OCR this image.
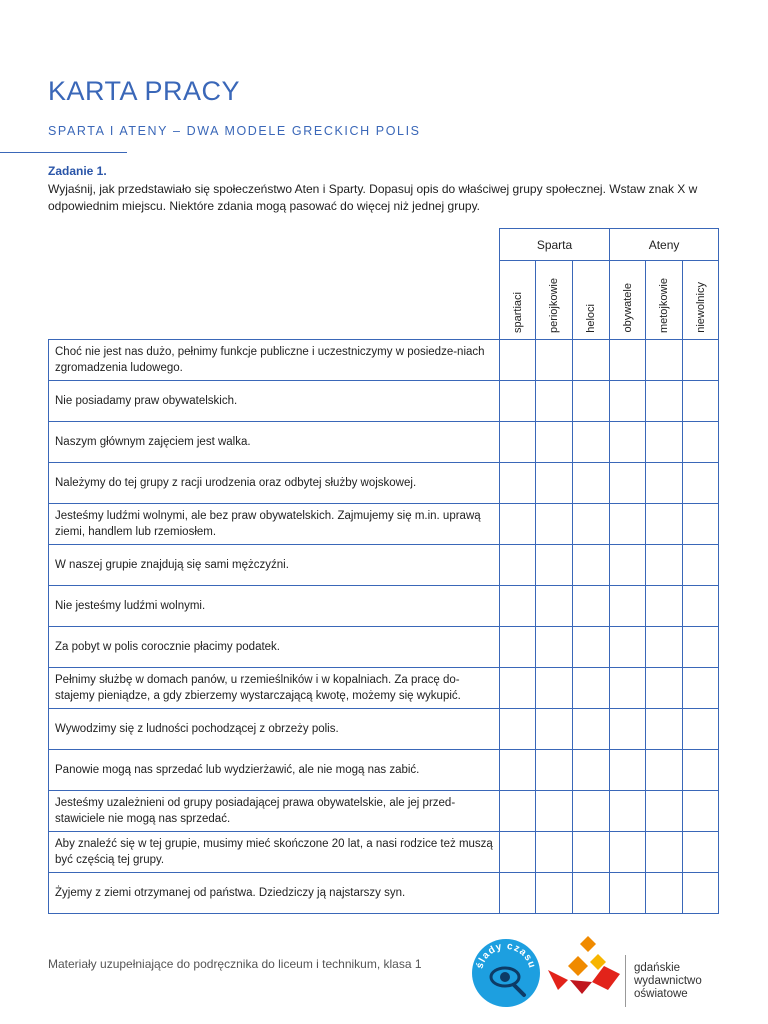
KARTA PRACY
SPARTA I ATENY – DWA MODELE GRECKICH POLIS
Zadanie 1.
Wyjaśnij, jak przedstawiało się społeczeństwo Aten i Sparty. Dopasuj opis do właściwej grupy społecznej. Wstaw znak X w odpowiednim miejscu. Niektóre zdania mogą pasować do więcej niż jednej grupy.
	Sparta			Ateny		

	spartiaci	periojkowie	heloci	obywatele	metojkowie	niewolnicy

Choć nie jest nas dużo, pełnimy funkcje publiczne i uczestniczymy w posiedze-niach zgromadzenia ludowego.						
Nie posiadamy praw obywatelskich.						
Naszym głównym zajęciem jest walka.						
Należymy do tej grupy z racji urodzenia oraz odbytej służby wojskowej.						
Jesteśmy ludźmi wolnymi, ale bez praw obywatelskich. Zajmujemy się m.in. uprawą ziemi, handlem lub rzemiosłem.						
W naszej grupie znajdują się sami mężczyźni.						
Nie jesteśmy ludźmi wolnymi.						
Za pobyt w polis corocznie płacimy podatek.						
Pełnimy służbę w domach panów, u rzemieślników i w kopalniach. Za pracę do-stajemy pieniądze, a gdy zbierzemy wystarczającą kwotę, możemy się wykupić.						
Wywodzimy się z ludności pochodzącej z obrzeży polis.						
Panowie mogą nas sprzedać lub wydzierżawić, ale nie mogą nas zabić.						
Jesteśmy uzależnieni od grupy posiadającej prawa obywatelskie, ale jej przed-stawiciele nie mogą nas sprzedać.						
Aby znaleźć się w tej grupie, musimy mieć skończone 20 lat, a nasi rodzice też muszą być częścią tej grupy.						
Żyjemy z ziemi otrzymanej od państwa. Dziedziczy ją najstarszy syn.						
Materiały uzupełniające do podręcznika do liceum i technikum, klasa 1	ślady czasu	gdańskie
wydawnictwo
oświatowe
